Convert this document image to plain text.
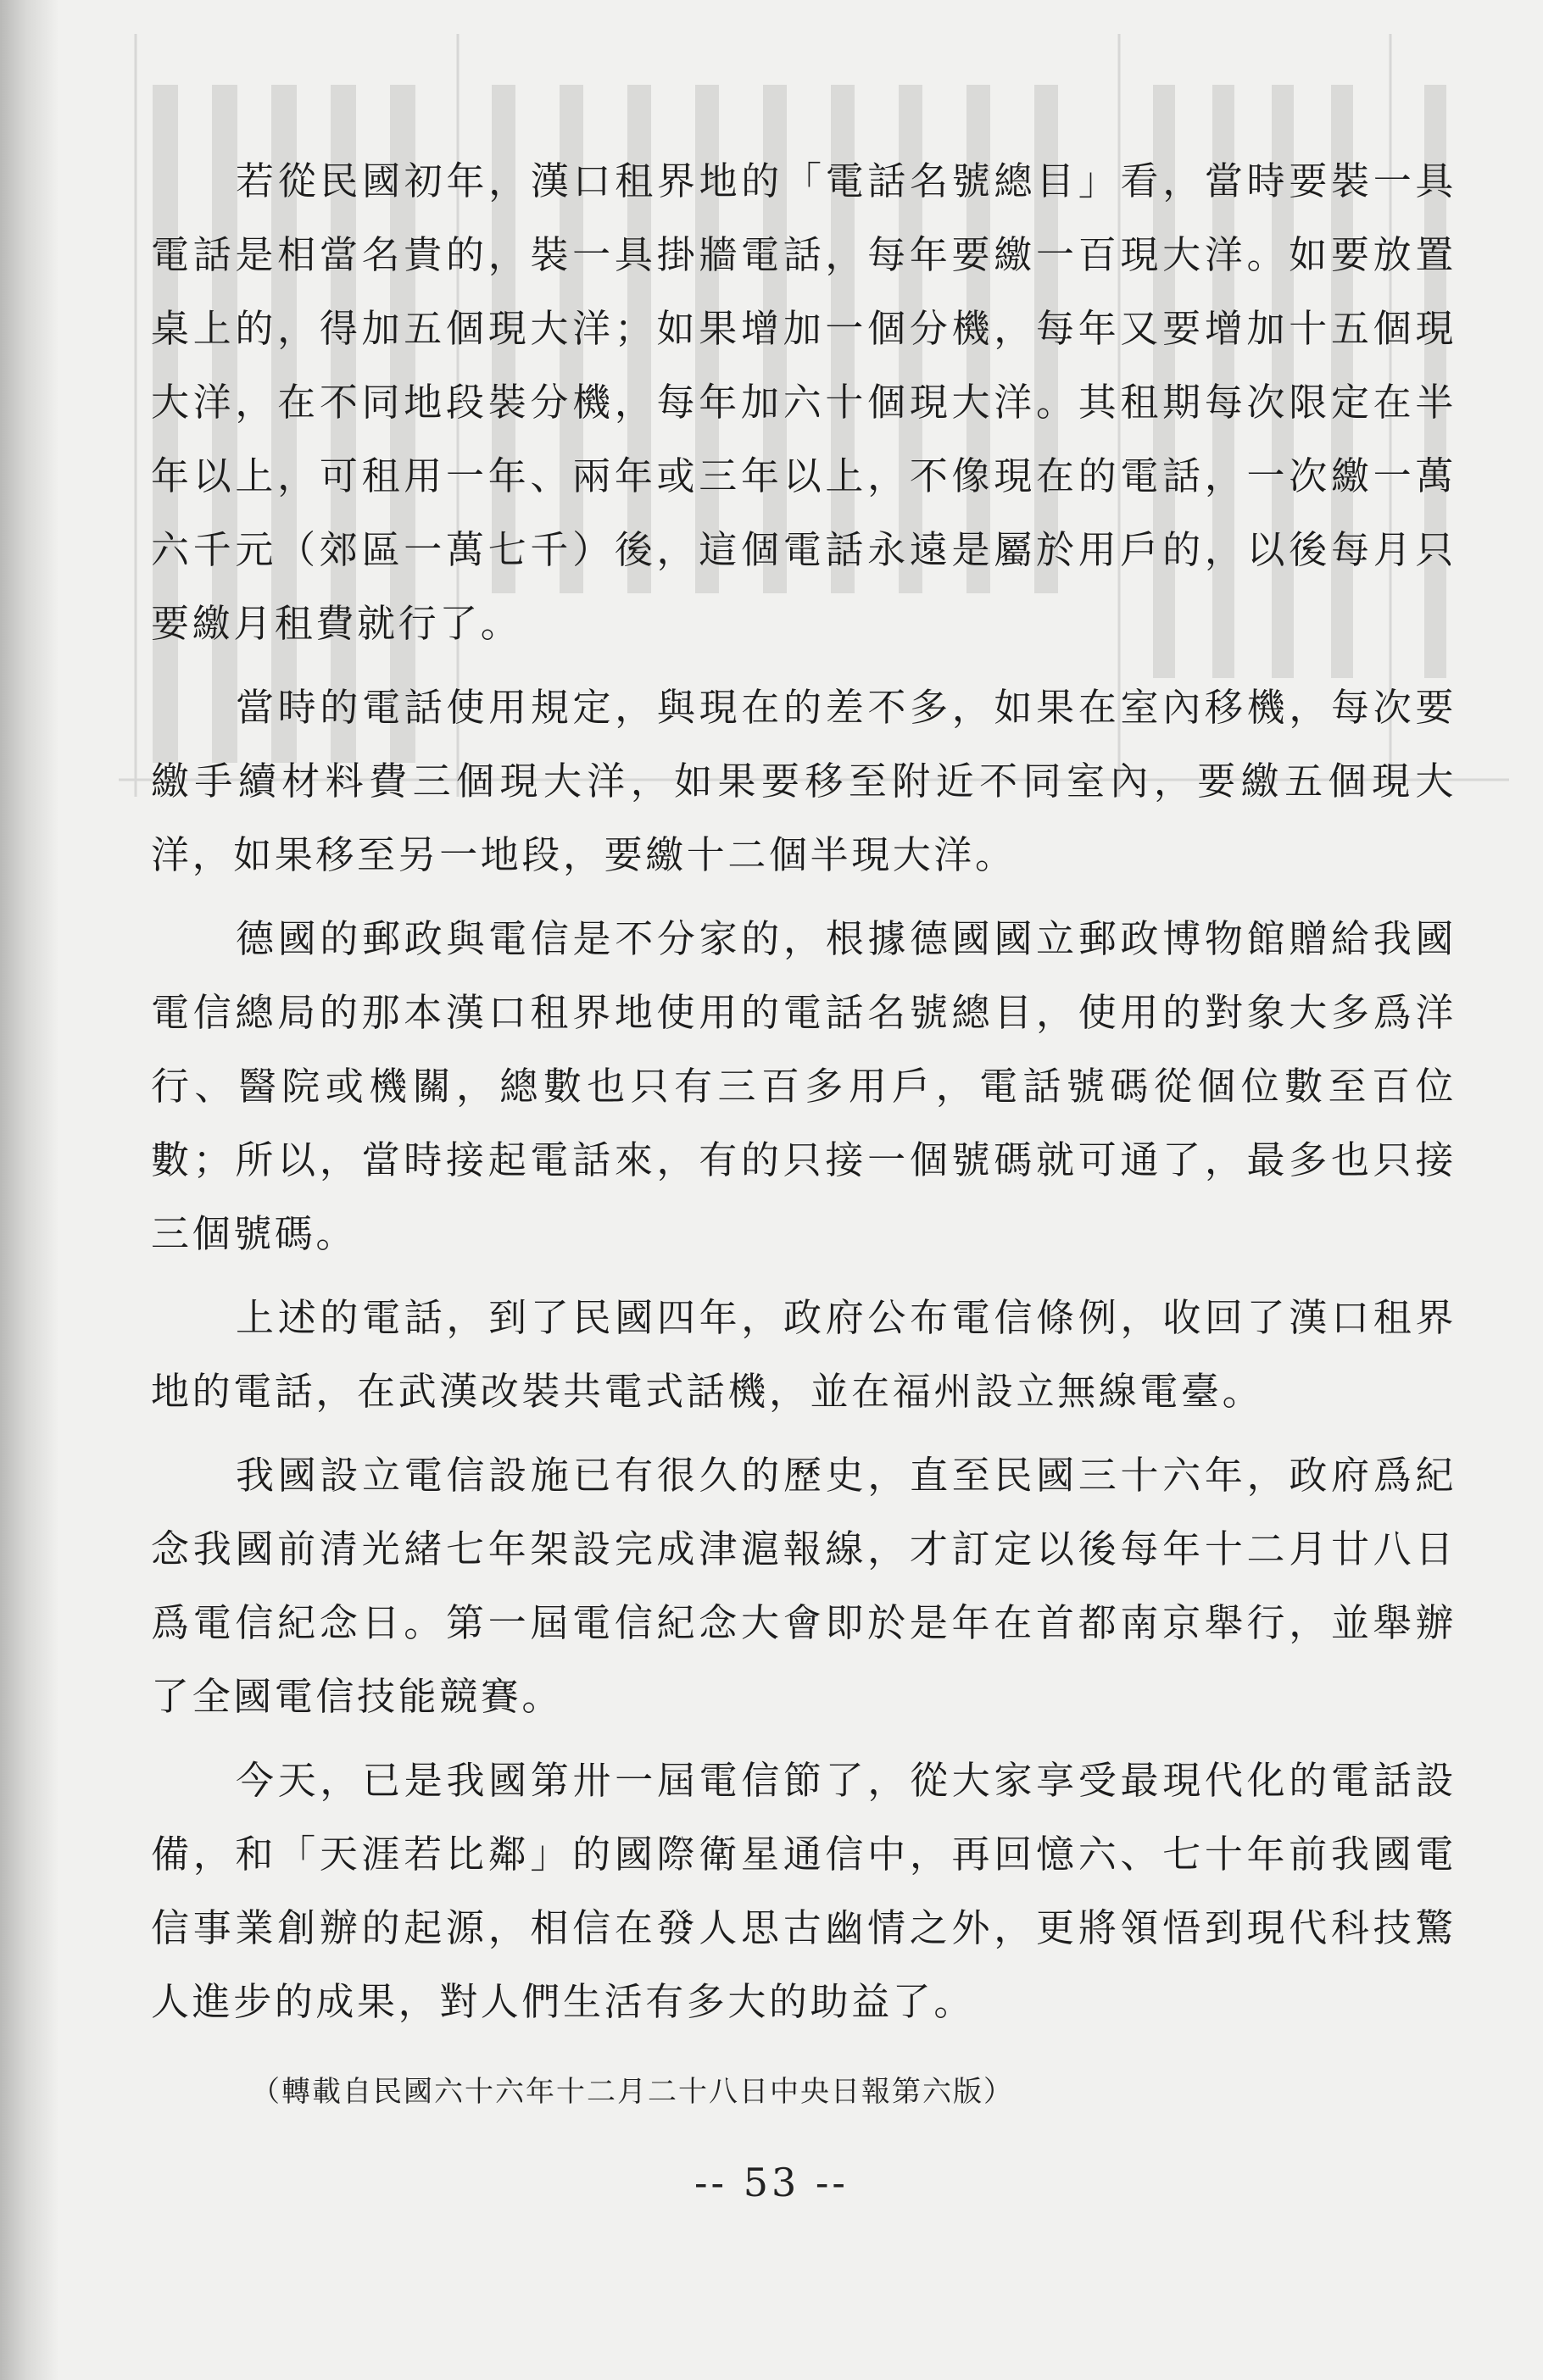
若從民國初年，漢口租界地的「電話名號總目」看，當時要裝一具電話是相當名貴的，裝一具掛牆電話，每年要繳一百現大洋。如要放置桌上的，得加五個現大洋；如果增加一個分機，每年又要增加十五個現大洋，在不同地段裝分機，每年加六十個現大洋。其租期每次限定在半年以上，可租用一年、兩年或三年以上，不像現在的電話，一次繳一萬六千元（郊區一萬七千）後，這個電話永遠是屬於用戶的，以後每月只要繳月租費就行了。

當時的電話使用規定，與現在的差不多，如果在室內移機，每次要繳手續材料費三個現大洋，如果要移至附近不同室內，要繳五個現大洋，如果移至另一地段，要繳十二個半現大洋。

德國的郵政與電信是不分家的，根據德國國立郵政博物館贈給我國電信總局的那本漢口租界地使用的電話名號總目，使用的對象大多爲洋行、醫院或機關，總數也只有三百多用戶，電話號碼從個位數至百位數；所以，當時接起電話來，有的只接一個號碼就可通了，最多也只接三個號碼。

上述的電話，到了民國四年，政府公布電信條例，收回了漢口租界地的電話，在武漢改裝共電式話機，並在福州設立無線電臺。

我國設立電信設施已有很久的歷史，直至民國三十六年，政府爲紀念我國前清光緒七年架設完成津滬報線，才訂定以後每年十二月廿八日爲電信紀念日。第一屆電信紀念大會即於是年在首都南京舉行，並舉辦了全國電信技能競賽。

今天，已是我國第卅一屆電信節了，從大家享受最現代化的電話設備，和「天涯若比鄰」的國際衛星通信中，再回憶六、七十年前我國電信事業創辦的起源，相信在發人思古幽情之外，更將領悟到現代科技驚人進步的成果，對人們生活有多大的助益了。

（轉載自民國六十六年十二月二十八日中央日報第六版）
-- 53 --
